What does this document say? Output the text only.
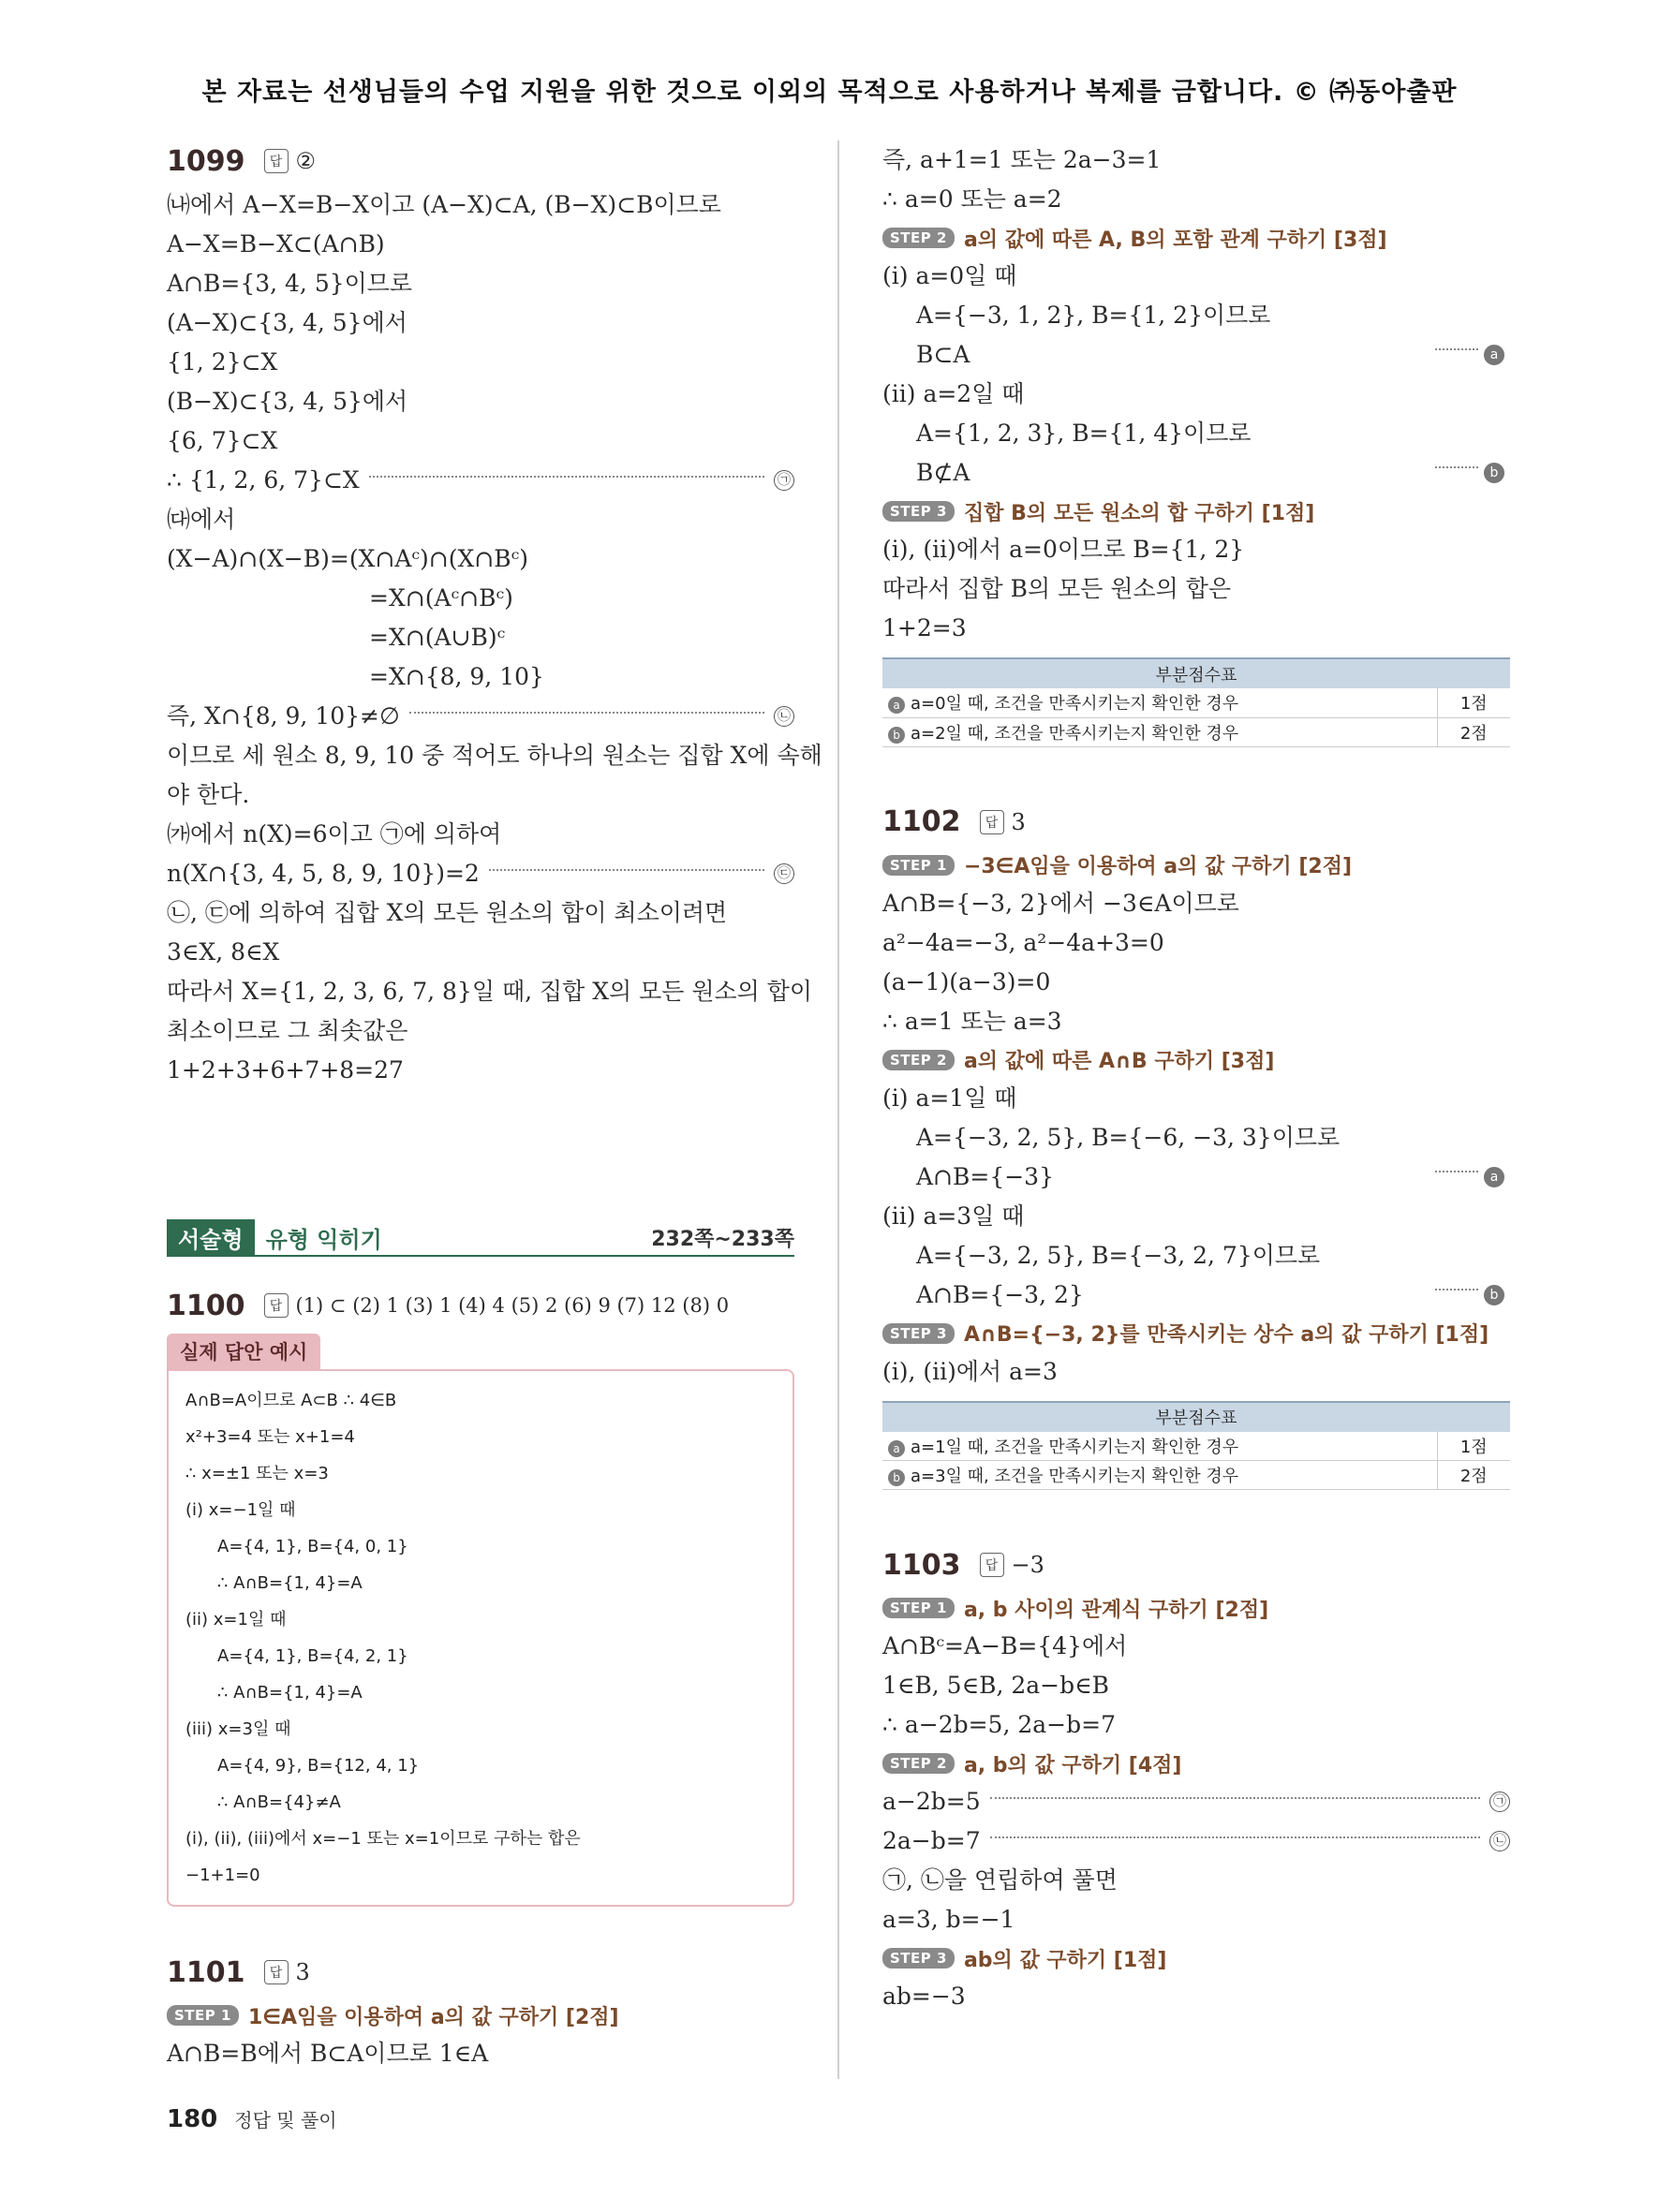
본 자료는 선생님들의 수업 지원을 위한 것으로 이외의 목적으로 사용하거나 복제를 금합니다. © ㈜동아출판
1099	답 ②
㈏에서 A−X=B−X이고 (A−X)⊂A, (B−X)⊂B이므로
A−X=B−X⊂(A∩B)
A∩B={3, 4, 5}이므로
(A−X)⊂{3, 4, 5}에서
{1, 2}⊂X
(B−X)⊂{3, 4, 5}에서
{6, 7}⊂X
∴ {1, 2, 6, 7}⊂X	㉠
㈐에서
(X−A)∩(X−B)=(X∩Aᶜ)∩(X∩Bᶜ)
=X∩(Aᶜ∩Bᶜ)
=X∩(A∪B)ᶜ
=X∩{8, 9, 10}
즉, X∩{8, 9, 10}≠∅	㉡
이므로 세 원소 8, 9, 10 중 적어도 하나의 원소는 집합 X에 속해
야 한다.
㈎에서 n(X)=6이고 ㉠에 의하여
n(X∩{3, 4, 5, 8, 9, 10})=2	㉢
㉡, ㉢에 의하여 집합 X의 모든 원소의 합이 최소이려면
3∈X, 8∈X
따라서 X={1, 2, 3, 6, 7, 8}일 때, 집합 X의 모든 원소의 합이
최소이므로 그 최솟값은
1+2+3+6+7+8=27
서술형	유형 익히기	232쪽~233쪽
1100	답 (1) ⊂ (2) 1 (3) 1 (4) 4 (5) 2 (6) 9 (7) 12 (8) 0
실제 답안 예시
A∩B=A이므로 A⊂B ∴ 4∈B
x²+3=4 또는 x+1=4
∴ x=±1 또는 x=3
(i) x=−1일 때
A={4, 1}, B={4, 0, 1}
∴ A∩B={1, 4}=A
(ii) x=1일 때
A={4, 1}, B={4, 2, 1}
∴ A∩B={1, 4}=A
(iii) x=3일 때
A={4, 9}, B={12, 4, 1}
∴ A∩B={4}≠A
(i), (ii), (iii)에서 x=−1 또는 x=1이므로 구하는 합은
−1+1=0
1101	답 3
STEP 1 1∈A임을 이용하여 a의 값 구하기 [2점]
A∩B=B에서 B⊂A이므로 1∈A
즉, a+1=1 또는 2a−3=1
∴ a=0 또는 a=2
STEP 2 a의 값에 따른 A, B의 포함 관계 구하기 [3점]
(i) a=0일 때
A={−3, 1, 2}, B={1, 2}이므로
B⊂A	a
(ii) a=2일 때
A={1, 2, 3}, B={1, 4}이므로
B⊄A	b
STEP 3 집합 B의 모든 원소의 합 구하기 [1점]
(i), (ii)에서 a=0이므로 B={1, 2}
따라서 집합 B의 모든 원소의 합은
1+2=3
부분점수표	
a a=0일 때, 조건을 만족시키는지 확인한 경우	1점
b a=2일 때, 조건을 만족시키는지 확인한 경우	2점
1102	답 3
STEP 1 −3∈A임을 이용하여 a의 값 구하기 [2점]
A∩B={−3, 2}에서 −3∈A이므로
a²−4a=−3, a²−4a+3=0
(a−1)(a−3)=0
∴ a=1 또는 a=3
STEP 2 a의 값에 따른 A∩B 구하기 [3점]
(i) a=1일 때
A={−3, 2, 5}, B={−6, −3, 3}이므로
A∩B={−3}	a
(ii) a=3일 때
A={−3, 2, 5}, B={−3, 2, 7}이므로
A∩B={−3, 2}	b
STEP 3 A∩B={−3, 2}를 만족시키는 상수 a의 값 구하기 [1점]
(i), (ii)에서 a=3
부분점수표	
a a=1일 때, 조건을 만족시키는지 확인한 경우	1점
b a=3일 때, 조건을 만족시키는지 확인한 경우	2점
1103	답 −3
STEP 1 a, b 사이의 관계식 구하기 [2점]
A∩Bᶜ=A−B={4}에서
1∈B, 5∈B, 2a−b∈B
∴ a−2b=5, 2a−b=7
STEP 2 a, b의 값 구하기 [4점]
a−2b=5	㉠
2a−b=7	㉡
㉠, ㉡을 연립하여 풀면
a=3, b=−1
STEP 3 ab의 값 구하기 [1점]
ab=−3
180 정답 및 풀이
